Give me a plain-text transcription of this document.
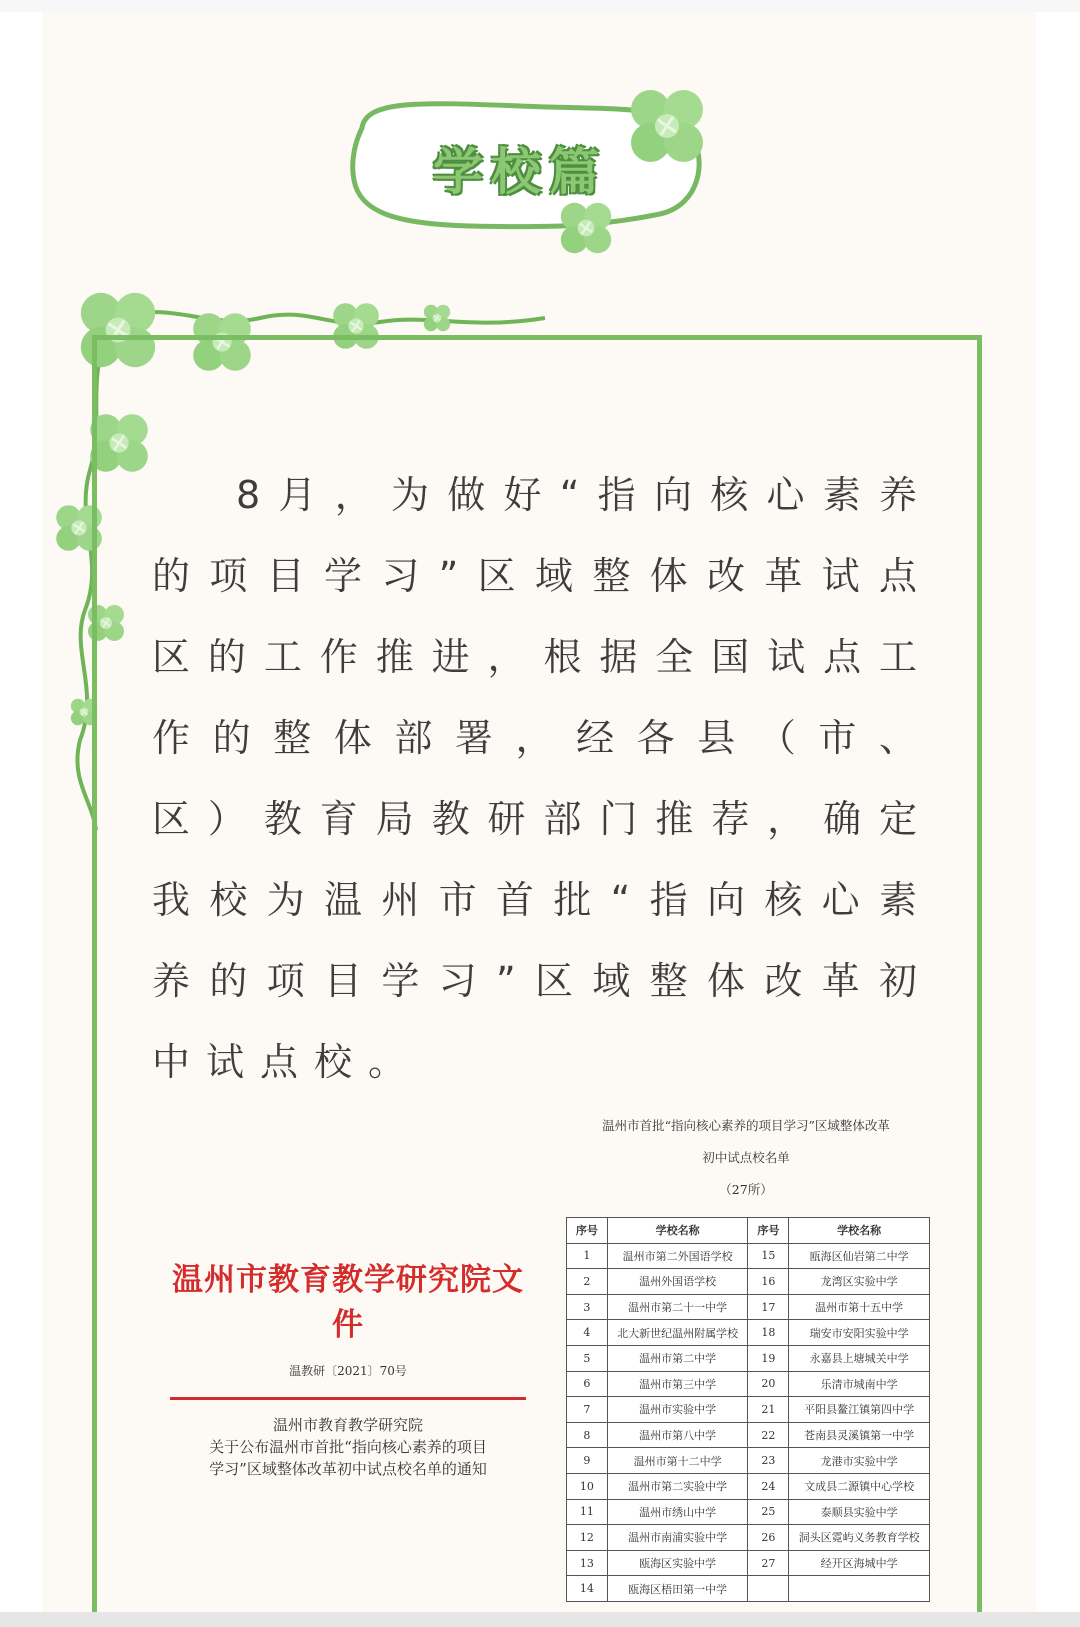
学校篇
8月，为做好“指向核心素养
的项目学习”区域整体改革试点
区的工作推进，根据全国试点工
作的整体部署，经各县（市、
区）教育局教研部门推荐，确定
我校为温州市首批“指向核心素
养的项目学习”区域整体改革初
中试点校。
温州市教育教学研究院文件
温教研〔2021〕70号
温州市教育教学研究院
关于公布温州市首批“指向核心素养的项目
学习”区域整体改革初中试点校名单的通知
温州市首批“指向核心素养的项目学习”区域整体改革
初中试点校名单
（27所）
序号	学校名称	序号	学校名称
1	温州市第二外国语学校	15	瓯海区仙岩第二中学
2	温州外国语学校	16	龙湾区实验中学
3	温州市第二十一中学	17	温州市第十五中学
4	北大新世纪温州附属学校	18	瑞安市安阳实验中学
5	温州市第二中学	19	永嘉县上塘城关中学
6	温州市第三中学	20	乐清市城南中学
7	温州市实验中学	21	平阳县鳌江镇第四中学
8	温州市第八中学	22	苍南县灵溪镇第一中学
9	温州市第十二中学	23	龙港市实验中学
10	温州市第二实验中学	24	文成县二源镇中心学校
11	温州市绣山中学	25	泰顺县实验中学
12	温州市南浦实验中学	26	洞头区霓屿义务教育学校
13	瓯海区实验中学	27	经开区海城中学
14	瓯海区梧田第一中学		
